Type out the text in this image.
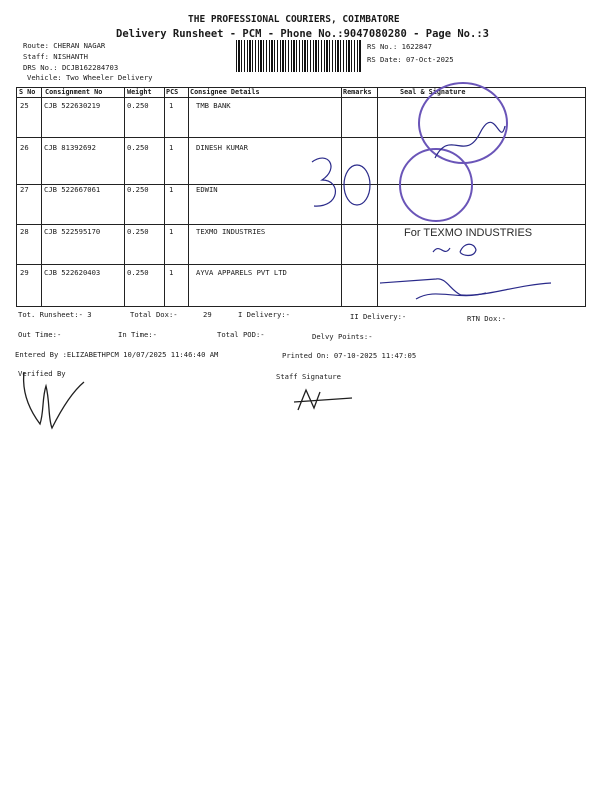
THE PROFESSIONAL COURIERS, COIMBATORE
Delivery Runsheet - PCM - Phone No.:9047080280 - Page No.:3
Route: CHERAN NAGAR
Staff: NISHANTH
DRS No.: DCJB162284703
Vehicle: Two Wheeler Delivery
RS No.: 1622847
RS Date: 07-Oct-2025
S No Consignment No	Weight PCS Consignee Details	Remarks	Seal & Signature
25 CJB 522630219	0.250	1	TMB BANK
26 CJB 81392692	0.250	1	DINESH KUMAR
27 CJB 522667061	0.250	1	EDWIN
28 CJB 522595170	0.250	1	TEXMO INDUSTRIES
29 CJB 522620403	0.250	1	AYVA APPARELS PVT LTD
For TEXMO INDUSTRIES
Tot. Runsheet:- 3	Total Dox:-	29	I Delivery:-	II Delivery:-	RTN Dox:-
Out Time:-	In Time:-	Total POD:-	Delvy Points:-
Entered By :ELIZABETHPCM 10/07/2025 11:46:40 AM	Printed On: 07-10-2025 11:47:05
Verified By	Staff Signature
